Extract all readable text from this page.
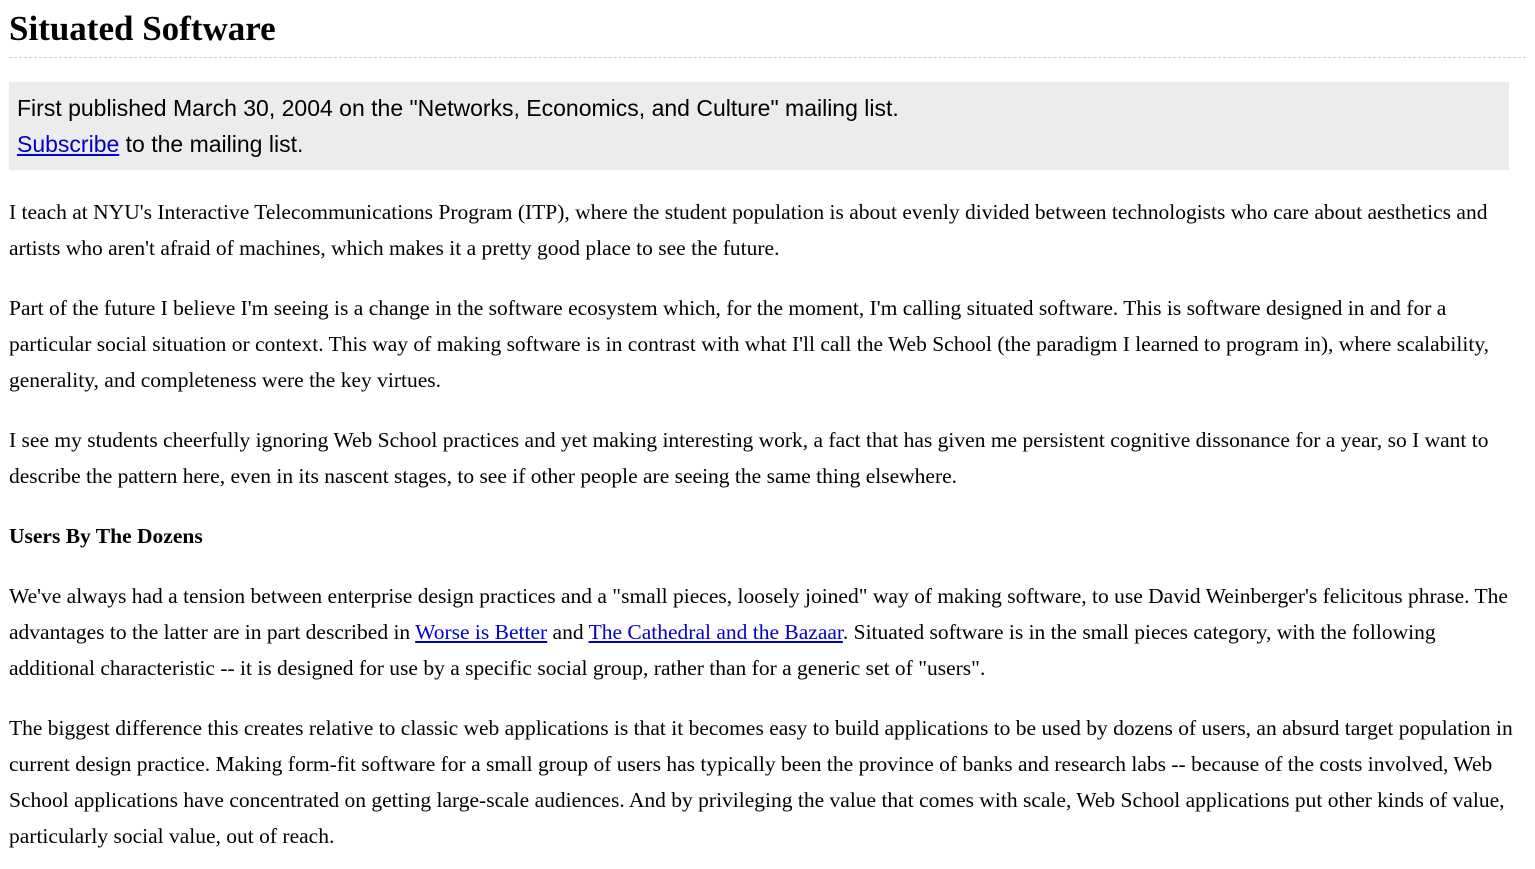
Situated Software
First published March 30, 2004 on the "Networks, Economics, and Culture" mailing list.
Subscribe to the mailing list.

I teach at NYU's Interactive Telecommunications Program (ITP), where the student population is about evenly divided between technologists who care about aesthetics and artists who aren't afraid of machines, which makes it a pretty good place to see the future.

Part of the future I believe I'm seeing is a change in the software ecosystem which, for the moment, I'm calling situated software. This is software designed in and for a particular social situation or context. This way of making software is in contrast with what I'll call the Web School (the paradigm I learned to program in), where scalability, generality, and completeness were the key virtues.

I see my students cheerfully ignoring Web School practices and yet making interesting work, a fact that has given me persistent cognitive dissonance for a year, so I want to describe the pattern here, even in its nascent stages, to see if other people are seeing the same thing elsewhere.

Users By The Dozens

We've always had a tension between enterprise design practices and a "small pieces, loosely joined" way of making software, to use David Weinberger's felicitous phrase. The advantages to the latter are in part described in Worse is Better and The Cathedral and the Bazaar. Situated software is in the small pieces category, with the following additional characteristic -- it is designed for use by a specific social group, rather than for a generic set of "users".

The biggest difference this creates relative to classic web applications is that it becomes easy to build applications to be used by dozens of users, an absurd target population in current design practice. Making form-fit software for a small group of users has typically been the province of banks and research labs -- because of the costs involved, Web School applications have concentrated on getting large-scale audiences. And by privileging the value that comes with scale, Web School applications put other kinds of value, particularly social value, out of reach.
